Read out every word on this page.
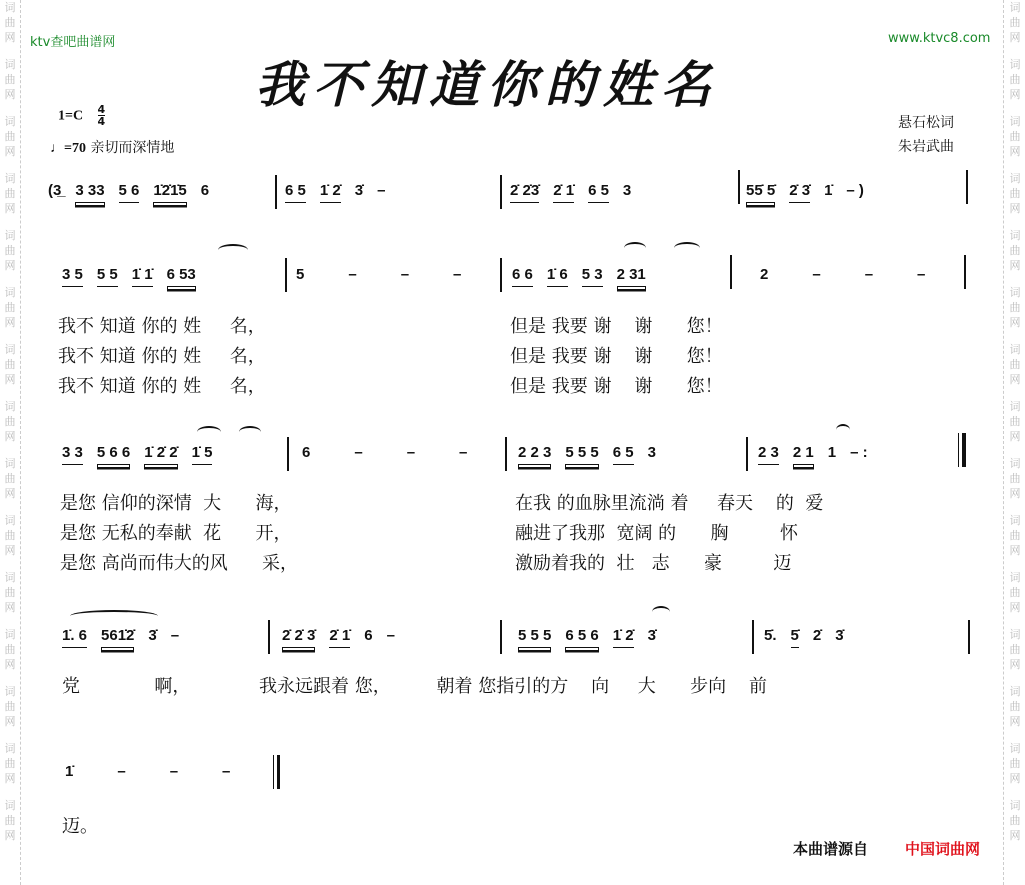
词
曲
网
词
曲
网
词
曲
网
词
曲
网
词
曲
网
词
曲
网
词
曲
网
词
曲
网
词
曲
网
词
曲
网
词
曲
网
词
曲
网
词
曲
网
词
曲
网
词
曲
网
词
曲
网
词
曲
网
词
曲
网
词
曲
网
词
曲
网
词
曲
网
词
曲
网
词
曲
网
词
曲
网
词
曲
网
词
曲
网
词
曲
网
词
曲
网
词
曲
网
词
曲
网
ktv查吧曲谱网	www.ktvc8.com
我不知道你的姓名
$1=C \frac{4}{4}$
♩=70 亲切而深情地
悬石松词
朱岩武曲
(3̲ 3 33 5 6 1̇2̇1̇5 6	6 5 1̇ 2̇ 3̇ –	2̇ 2̇3̇ 2̇ 1̇ 6 5 3	55̇ 5̇ 2̇ 3̇ 1̇ – )
3 5 5 5 1̇ 1̇ 6 53	5	–	–	–	6 6 1̇ 6 5 3 2 31	2	–	–	–
3 3 5 6 6 1̇ 2̇ 2̇ 1̇ 5	6	–	–	–	2 2 3 5 5 5 6 5 3	2 3 2 1 1 – :
1̇. 6 561̇2̇ 3̇ –	2̇ 2̇ 3̇ 2̇ 1̇ 6 –	5 5 5 6 5 6 1̇ 2̇ 3̇	5̇. 5̇ 2̇ 3̇
1̇	–	–	–
我不 知道 你的 姓     名，
我不 知道 你的 姓     名，
我不 知道 你的 姓     名，
但是 我要 谢    谢      您！
但是 我要 谢    谢      您！
但是 我要 谢    谢      您！
是您 信仰的深情  大      海，
是您 无私的奉献  花      开，
是您 高尚而伟大的风      采，
在我 的血脉里流淌 着     春天    的  爱
融进了我那  宽阔 的      胸         怀
激励着我的  壮   志      豪         迈
党             啊，            我永远跟着 您，        朝着 您指引的方    向     大      步向    前
迈。
本曲谱源自 中国词曲网
